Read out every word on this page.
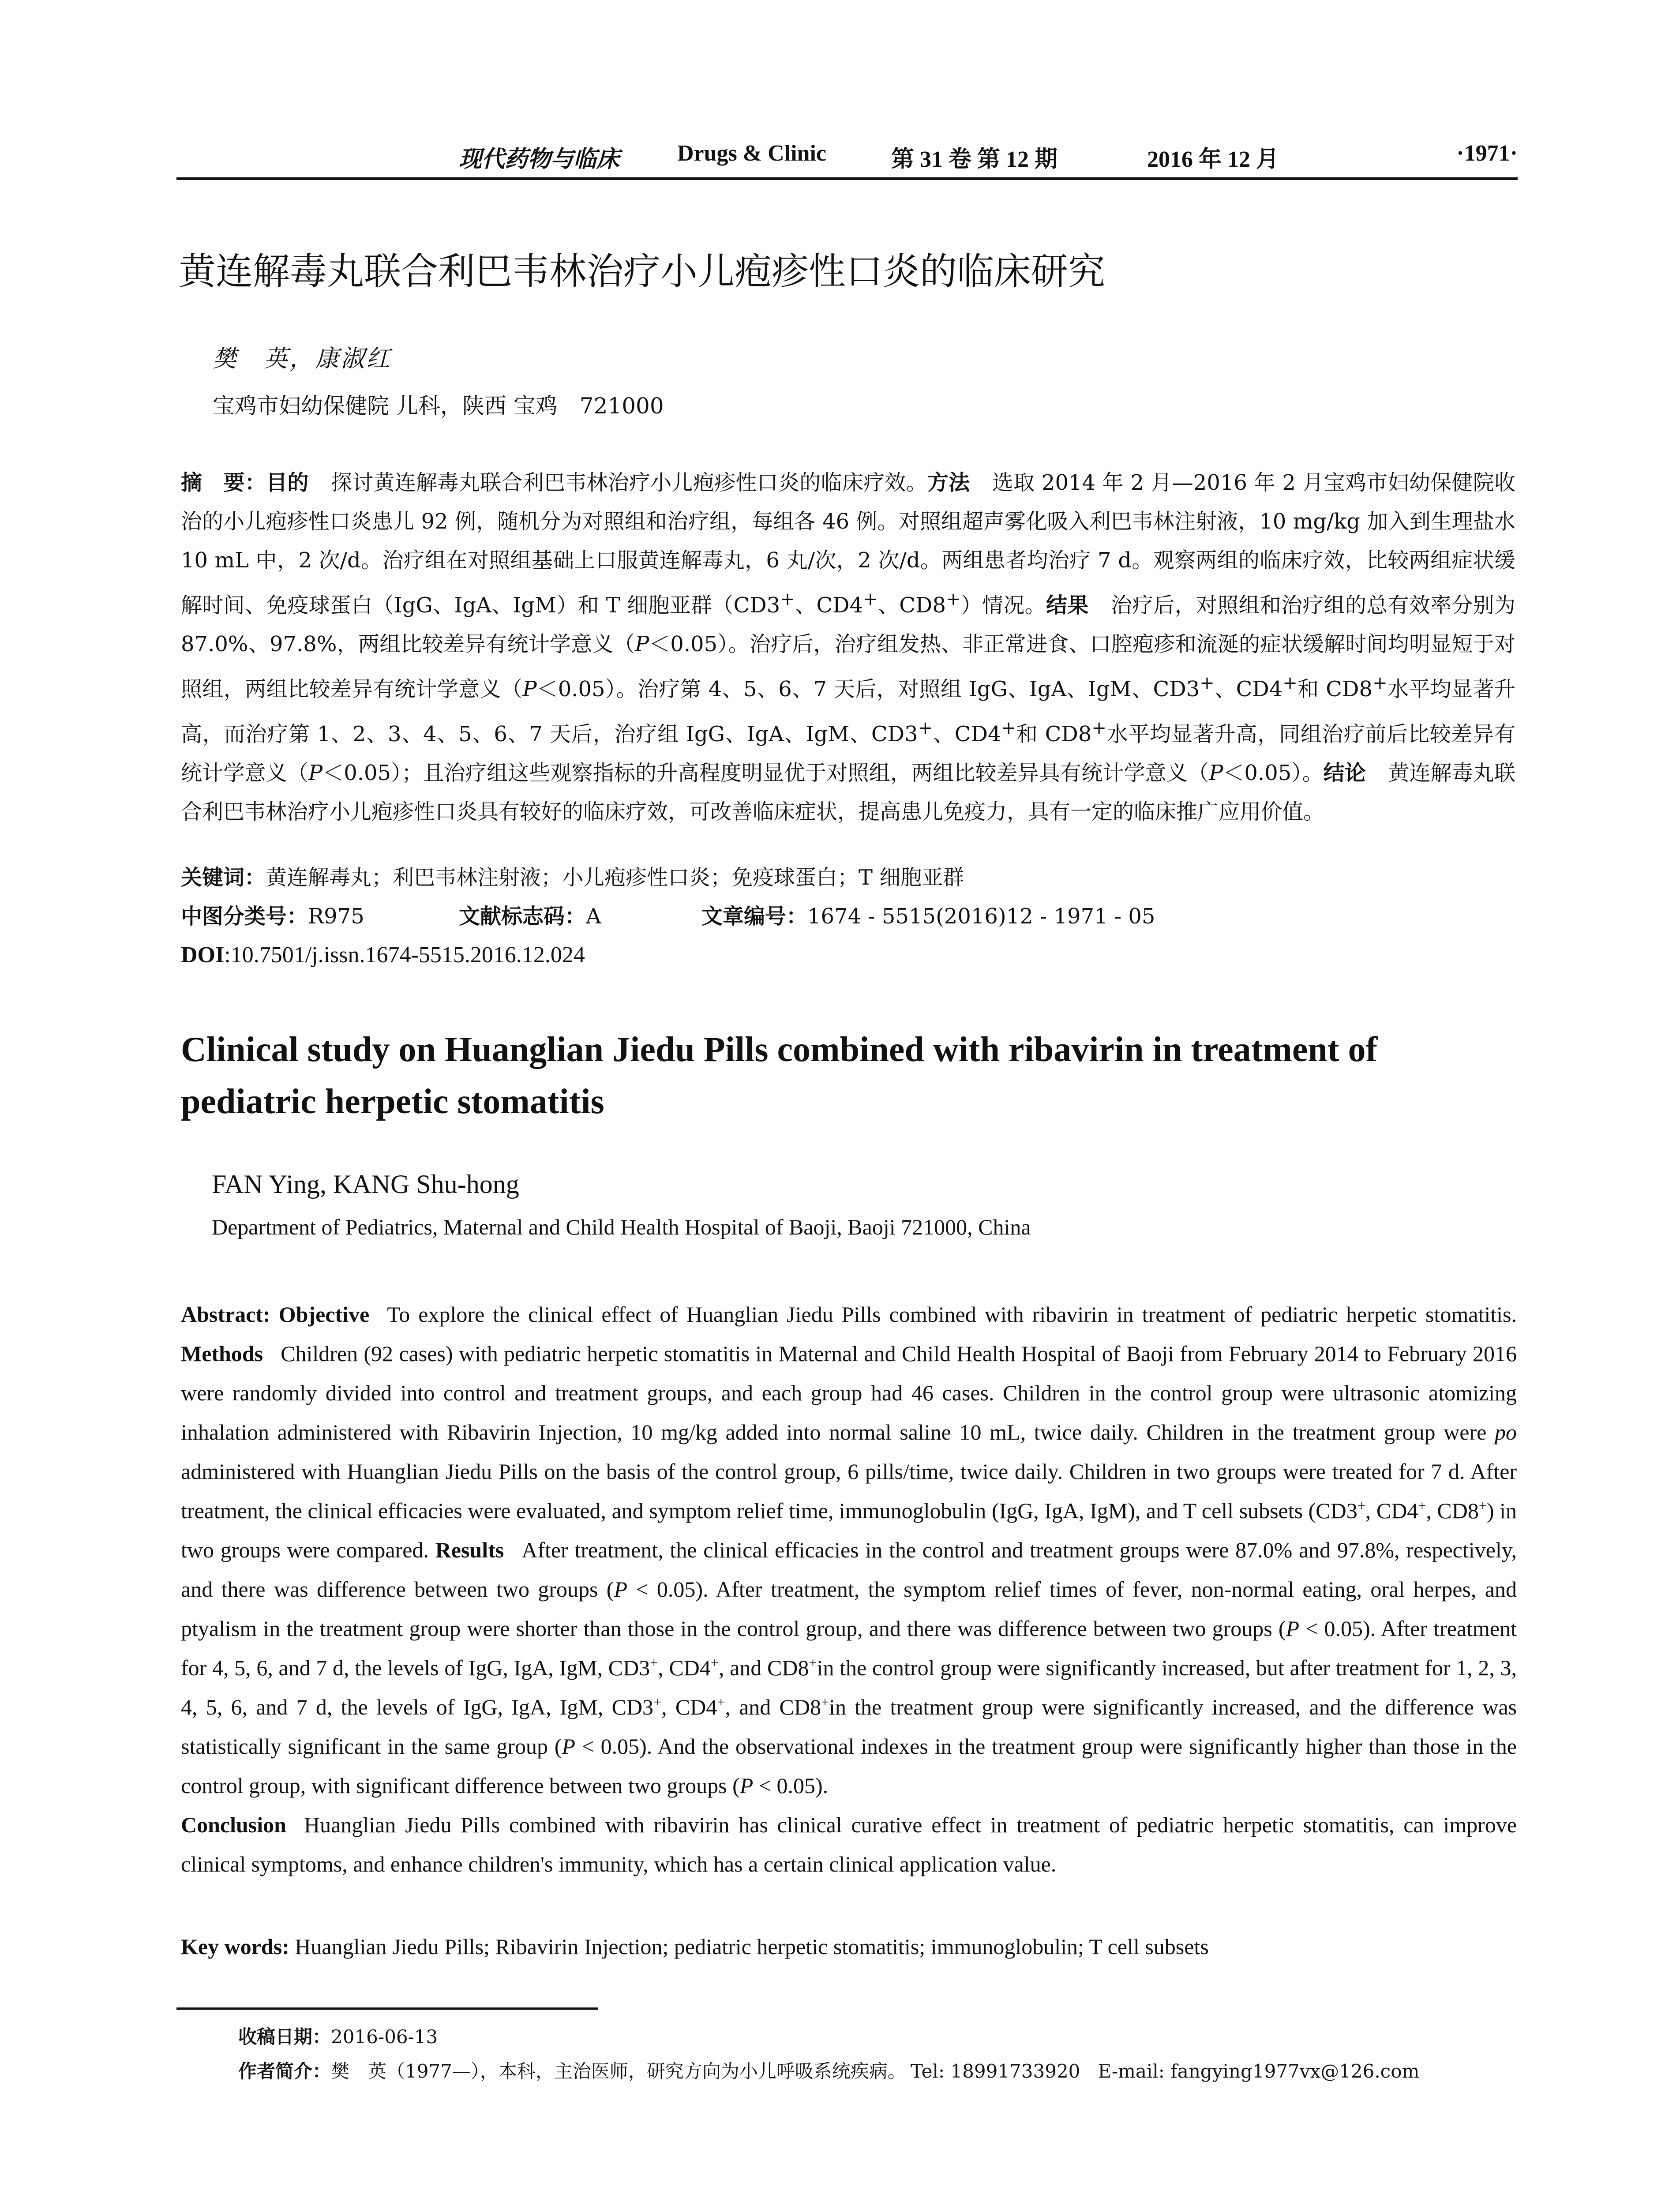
现代药物与临床	Drugs & Clinic	第 31 卷 第 12 期	2016 年 12 月	·1971·
黄连解毒丸联合利巴韦林治疗小儿疱疹性口炎的临床研究
樊　英，康淑红
宝鸡市妇幼保健院 儿科，陕西 宝鸡　721000
摘　要：目的 探讨黄连解毒丸联合利巴韦林治疗小儿疱疹性口炎的临床疗效。方法 选取 2014 年 2 月—2016 年 2 月宝鸡市妇幼保健院收治的小儿疱疹性口炎患儿 92 例，随机分为对照组和治疗组，每组各 46 例。对照组超声雾化吸入利巴韦林注射液，10 mg/kg 加入到生理盐水 10 mL 中，2 次/d。治疗组在对照组基础上口服黄连解毒丸，6 丸/次，2 次/d。两组患者均治疗 7 d。观察两组的临床疗效，比较两组症状缓解时间、免疫球蛋白（IgG、IgA、IgM）和 T 细胞亚群（CD3+、CD4+、CD8+）情况。结果 治疗后，对照组和治疗组的总有效率分别为 87.0%、97.8%，两组比较差异有统计学意义（P＜0.05）。治疗后，治疗组发热、非正常进食、口腔疱疹和流涎的症状缓解时间均明显短于对照组，两组比较差异有统计学意义（P＜0.05）。治疗第 4、5、6、7 天后，对照组 IgG、IgA、IgM、CD3+、CD4+和 CD8+水平均显著升高，而治疗第 1、2、3、4、5、6、7 天后，治疗组 IgG、IgA、IgM、CD3+、CD4+和 CD8+水平均显著升高，同组治疗前后比较差异有统计学意义（P＜0.05）；且治疗组这些观察指标的升高程度明显优于对照组，两组比较差异具有统计学意义（P＜0.05）。结论 黄连解毒丸联合利巴韦林治疗小儿疱疹性口炎具有较好的临床疗效，可改善临床症状，提高患儿免疫力，具有一定的临床推广应用价值。
关键词：黄连解毒丸；利巴韦林注射液；小儿疱疹性口炎；免疫球蛋白；T 细胞亚群
中图分类号：R975	文献标志码：A	文章编号：1674 - 5515(2016)12 - 1971 - 05
DOI:10.7501/j.issn.1674-5515.2016.12.024
Clinical study on Huanglian Jiedu Pills combined with ribavirin in treatment of pediatric herpetic stomatitis
FAN Ying, KANG Shu-hong
Department of Pediatrics, Maternal and Child Health Hospital of Baoji, Baoji 721000, China
Abstract: Objective To explore the clinical effect of Huanglian Jiedu Pills combined with ribavirin in treatment of pediatric herpetic stomatitis. Methods Children (92 cases) with pediatric herpetic stomatitis in Maternal and Child Health Hospital of Baoji from February 2014 to February 2016 were randomly divided into control and treatment groups, and each group had 46 cases. Children in the control group were ultrasonic atomizing inhalation administered with Ribavirin Injection, 10 mg/kg added into normal saline 10 mL, twice daily. Children in the treatment group were po administered with Huanglian Jiedu Pills on the basis of the control group, 6 pills/time, twice daily. Children in two groups were treated for 7 d. After treatment, the clinical efficacies were evaluated, and symptom relief time, immunoglobulin (IgG, IgA, IgM), and T cell subsets (CD3+, CD4+, CD8+) in two groups were compared. Results After treatment, the clinical efficacies in the control and treatment groups were 87.0% and 97.8%, respectively, and there was difference between two groups (P < 0.05). After treatment, the symptom relief times of fever, non-normal eating, oral herpes, and ptyalism in the treatment group were shorter than those in the control group, and there was difference between two groups (P < 0.05). After treatment for 4, 5, 6, and 7 d, the levels of IgG, IgA, IgM, CD3+, CD4+, and CD8+in the control group were significantly increased, but after treatment for 1, 2, 3, 4, 5, 6, and 7 d, the levels of IgG, IgA, IgM, CD3+, CD4+, and CD8+in the treatment group were significantly increased, and the difference was statistically significant in the same group (P < 0.05). And the observational indexes in the treatment group were significantly higher than those in the control group, with significant difference between two groups (P < 0.05).
Conclusion Huanglian Jiedu Pills combined with ribavirin has clinical curative effect in treatment of pediatric herpetic stomatitis, can improve clinical symptoms, and enhance children's immunity, which has a certain clinical application value.
Key words: Huanglian Jiedu Pills; Ribavirin Injection; pediatric herpetic stomatitis; immunoglobulin; T cell subsets
收稿日期：2016-06-13
作者简介：樊　英（1977—），本科，主治医师，研究方向为小儿呼吸系统疾病。 Tel: 18991733920 E-mail: fangying1977vx@126.com
